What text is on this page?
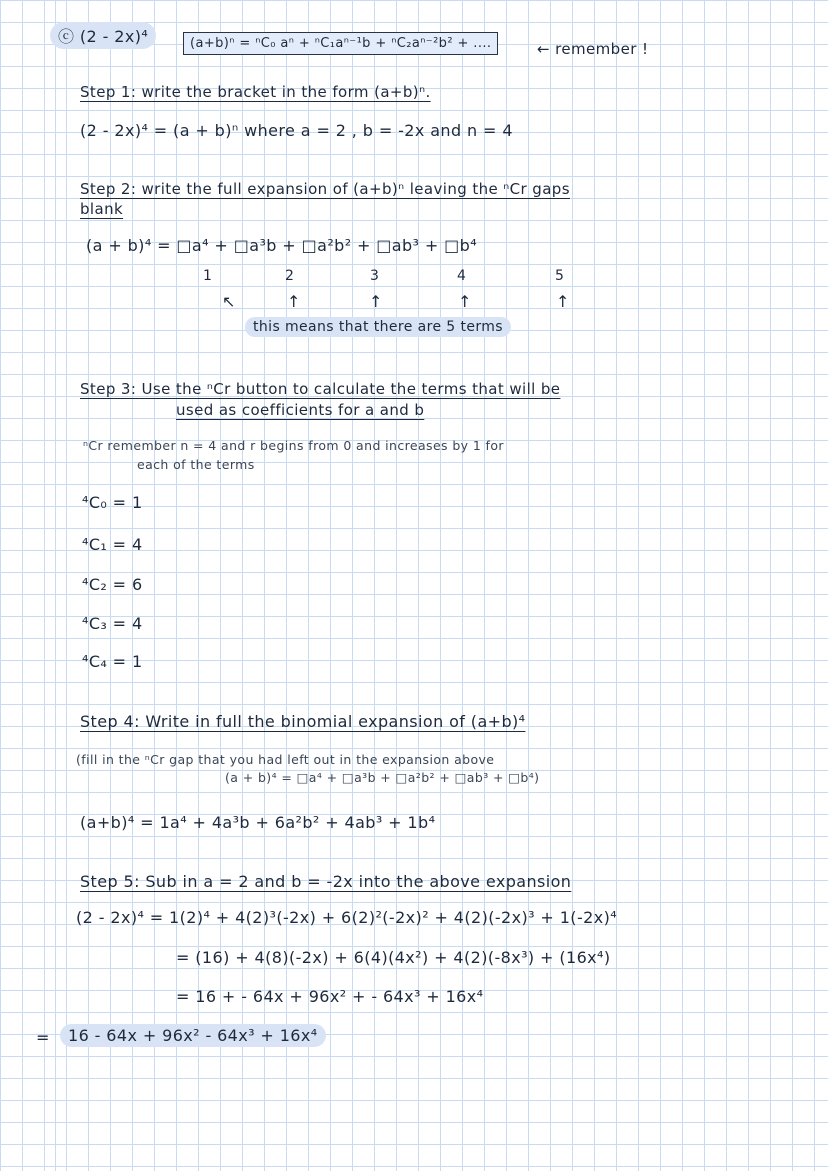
ⓒ (2 - 2x)⁴	(a+b)ⁿ = ⁿC₀ aⁿ + ⁿC₁aⁿ⁻¹b + ⁿC₂aⁿ⁻²b² + ....	← remember !
Step 1: write the bracket in the form (a+b)ⁿ.
(2 - 2x)⁴ = (a + b)ⁿ where a = 2 , b = -2x and n = 4
Step 2: write the full expansion of (a+b)ⁿ leaving the ⁿCr gaps
blank
(a + b)⁴ = □a⁴ + □a³b + □a²b² + □ab³ + □b⁴
1	2	3	4	5
↖	↑	↑	↑	↑
this means that there are 5 terms
Step 3: Use the ⁿCr button to calculate the terms that will be
used as coefficients for a and b
ⁿCr remember n = 4 and r begins from 0 and increases by 1 for
each of the terms
⁴C₀ = 1
⁴C₁ = 4
⁴C₂ = 6
⁴C₃ = 4
⁴C₄ = 1
Step 4: Write in full the binomial expansion of (a+b)⁴
(fill in the ⁿCr gap that you had left out in the expansion above
(a + b)⁴ = □a⁴ + □a³b + □a²b² + □ab³ + □b⁴)
(a+b)⁴ = 1a⁴ + 4a³b + 6a²b² + 4ab³ + 1b⁴
Step 5: Sub in a = 2 and b = -2x into the above expansion
(2 - 2x)⁴ = 1(2)⁴ + 4(2)³(-2x) + 6(2)²(-2x)² + 4(2)(-2x)³ + 1(-2x)⁴
= (16) + 4(8)(-2x) + 6(4)(4x²) + 4(2)(-8x³) + (16x⁴)
= 16 + - 64x + 96x² + - 64x³ + 16x⁴
=	16 - 64x + 96x² - 64x³ + 16x⁴
